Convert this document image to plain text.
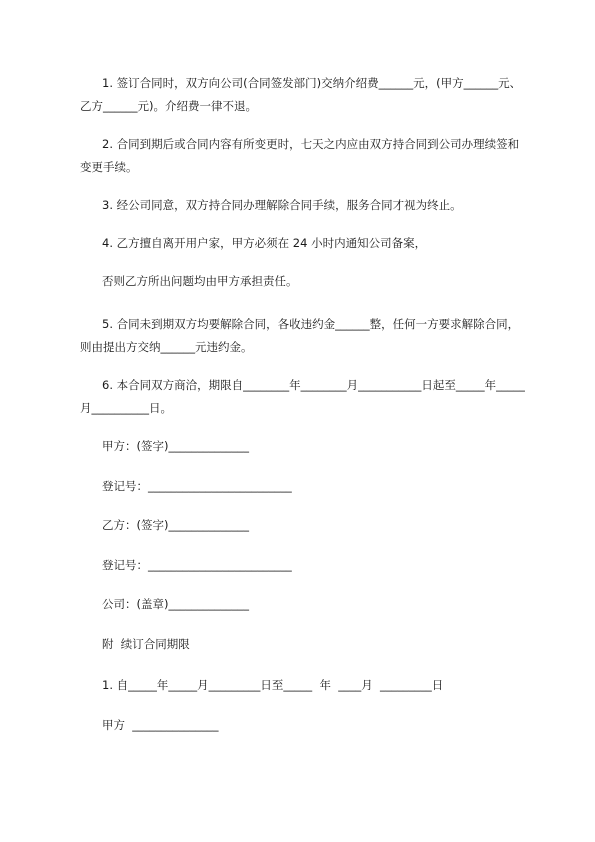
1. 签订合同时，双方向公司(合同签发部门)交纳介绍费______元，(甲方______元、乙方______元)。介绍费一律不退。

2. 合同到期后或合同内容有所变更时，七天之内应由双方持合同到公司办理续签和变更手续。

3. 经公司同意，双方持合同办理解除合同手续，服务合同才视为终止。

4. 乙方擅自离开用户家，甲方必须在 24 小时内通知公司备案，

否则乙方所出问题均由甲方承担责任。

5. 合同未到期双方均要解除合同，各收违约金______整，任何一方要求解除合同，则由提出方交纳______元违约金。

6. 本合同双方商洽，期限自________年________月___________日起至_____年_____月__________日。

甲方：(签字)______________

登记号：_________________________

乙方：(签字)______________

登记号：_________________________

公司：(盖章)______________

附  续订合同期限

1. 自_____年_____月_________日至_____  年  ____月  _________日

甲方  _______________
